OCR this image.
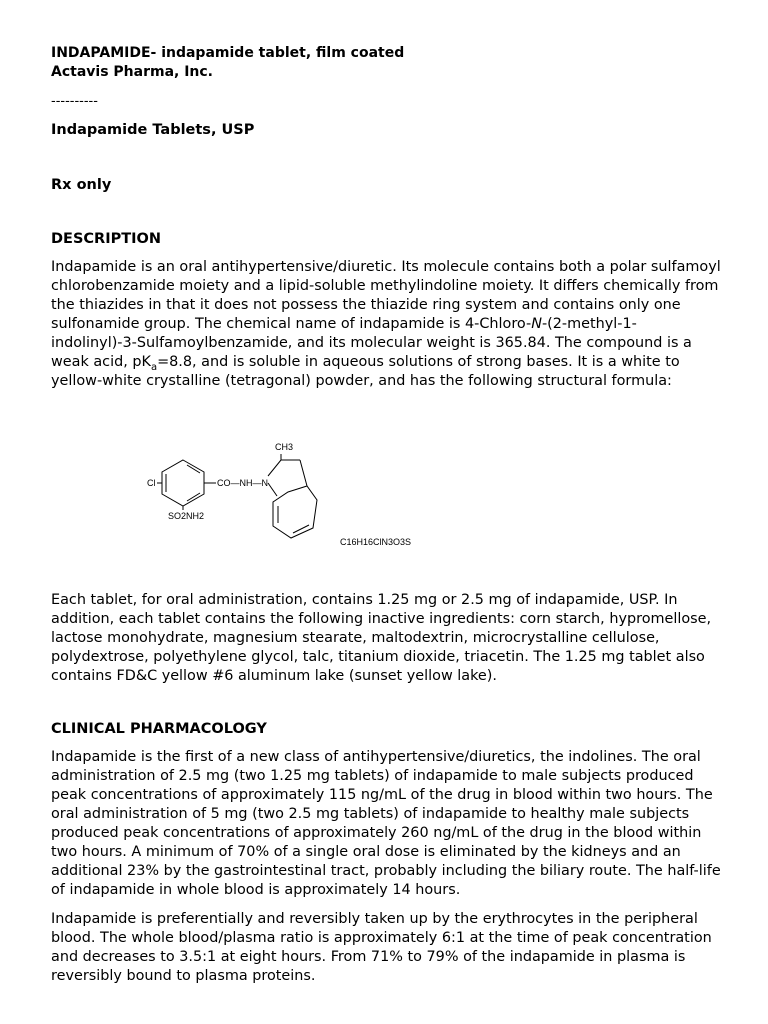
INDAPAMIDE- indapamide tablet, film coated
Actavis Pharma, Inc.
----------
Indapamide Tablets, USP
Rx only
DESCRIPTION

Indapamide is an oral antihypertensive/diuretic. Its molecule contains both a polar sulfamoyl chlorobenzamide moiety and a lipid-soluble methylindoline moiety. It differs chemically from the thiazides in that it does not possess the thiazide ring system and contains only one sulfonamide group. The chemical name of indapamide is 4-Chloro-N-(2-methyl-1-indolinyl)-3-Sulfamoylbenzamide, and its molecular weight is 365.84. The compound is a weak acid, $pK_a=8.8$, and is soluble in aqueous solutions of strong bases. It is a white to yellow-white crystalline (tetragonal) powder, and has the following structural formula:

CH3
Cl	CO—NH—N
SO2NH2
C16H16ClN3O3S

Each tablet, for oral administration, contains 1.25 mg or 2.5 mg of indapamide, USP. In addition, each tablet contains the following inactive ingredients: corn starch, hypromellose, lactose monohydrate, magnesium stearate, maltodextrin, microcrystalline cellulose, polydextrose, polyethylene glycol, talc, titanium dioxide, triacetin. The 1.25 mg tablet also contains FD&C yellow #6 aluminum lake (sunset yellow lake).

CLINICAL PHARMACOLOGY

Indapamide is the first of a new class of antihypertensive/diuretics, the indolines. The oral administration of 2.5 mg (two 1.25 mg tablets) of indapamide to male subjects produced peak concentrations of approximately 115 ng/mL of the drug in blood within two hours. The oral administration of 5 mg (two 2.5 mg tablets) of indapamide to healthy male subjects produced peak concentrations of approximately 260 ng/mL of the drug in the blood within two hours. A minimum of 70% of a single oral dose is eliminated by the kidneys and an additional 23% by the gastrointestinal tract, probably including the biliary route. The half-life of indapamide in whole blood is approximately 14 hours.

Indapamide is preferentially and reversibly taken up by the erythrocytes in the peripheral blood. The whole blood/plasma ratio is approximately 6:1 at the time of peak concentration and decreases to 3.5:1 at eight hours. From 71% to 79% of the indapamide in plasma is reversibly bound to plasma proteins.
